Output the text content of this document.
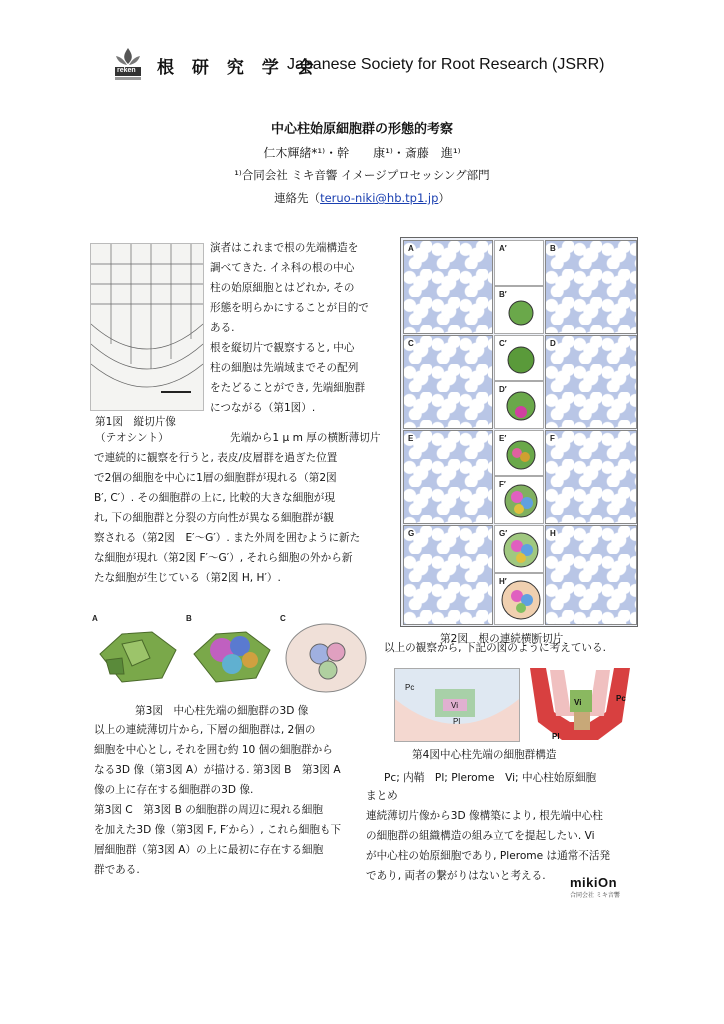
reken 根 研 究 学 会
Japanese Society for Root Research (JSRR)
中心柱始原細胞群の形態的考察
仁木輝緒*¹⁾・幹　　康¹⁾・斎藤　進¹⁾
¹⁾合同会社 ミキ音響 イメージプロセッシング部門
連絡先（teruo-niki@hb.tp1.jp）
演者はこれまで根の先端構造を
調べてきた. イネ科の根の中心
柱の始原細胞とはどれか, その
形態を明らかにすることが目的で
ある.
根を縦切片で観察すると, 中心
柱の細胞は先端域までその配列
をたどることができ, 先端細胞群
につながる（第1図）.
第1図　縦切片像
（テオシント）	先端から1 μ m 厚の横断薄切片
で連続的に観察を行うと, 表皮/皮層群を過ぎた位置
で2個の細胞を中心に1層の細胞群が現れる（第2図
B′, C′）. その細胞群の上に, 比較的大きな細胞が現
れ, 下の細胞群と分裂の方向性が異なる細胞群が観
察される（第2図　E′〜G′）. また外周を囲むように新た
な細胞が現れ（第2図 F′〜G′）, それら細胞の外から新
たな細胞が生じている（第2図 H, H′）.
A	B	C
第3図　中心柱先端の細胞群の3D 像
以上の連続薄切片から, 下層の細胞群は, 2個の
細胞を中心とし, それを囲む約 10 個の細胞群から
なる3D 像（第3図 A）が描ける. 第3図 B　第3図 A
像の上に存在する細胞群の3D 像.
第3図 C　第3図 B の細胞群の周辺に現れる細胞
を加えた3D 像（第3図 F, F′から）, これら細胞も下
層細胞群（第3図 A）の上に最初に存在する細胞
群である.
A	A′
B′
B
C	C′
D′
D
E	E′
F′
F
G	G′
H′
H
第2図　根の連続横断切片
以上の観察から, 下記の図のように考えている.
Pc
Vi
Pl
Pc
Vi
Pl
第4図中心柱先端の細胞群構造
Pc; 内鞘　Pl; Plerome　Vi; 中心柱始原細胞
まとめ
連続薄切片像から3D 像構築により, 根先端中心柱
の細胞群の組織構造の組み立てを提起したい. Vi
が中心柱の始原細胞であり, Plerome は通常不活発
であり, 両者の繋がりはないと考える.	mikiOn
合同会社 ミキ音響
